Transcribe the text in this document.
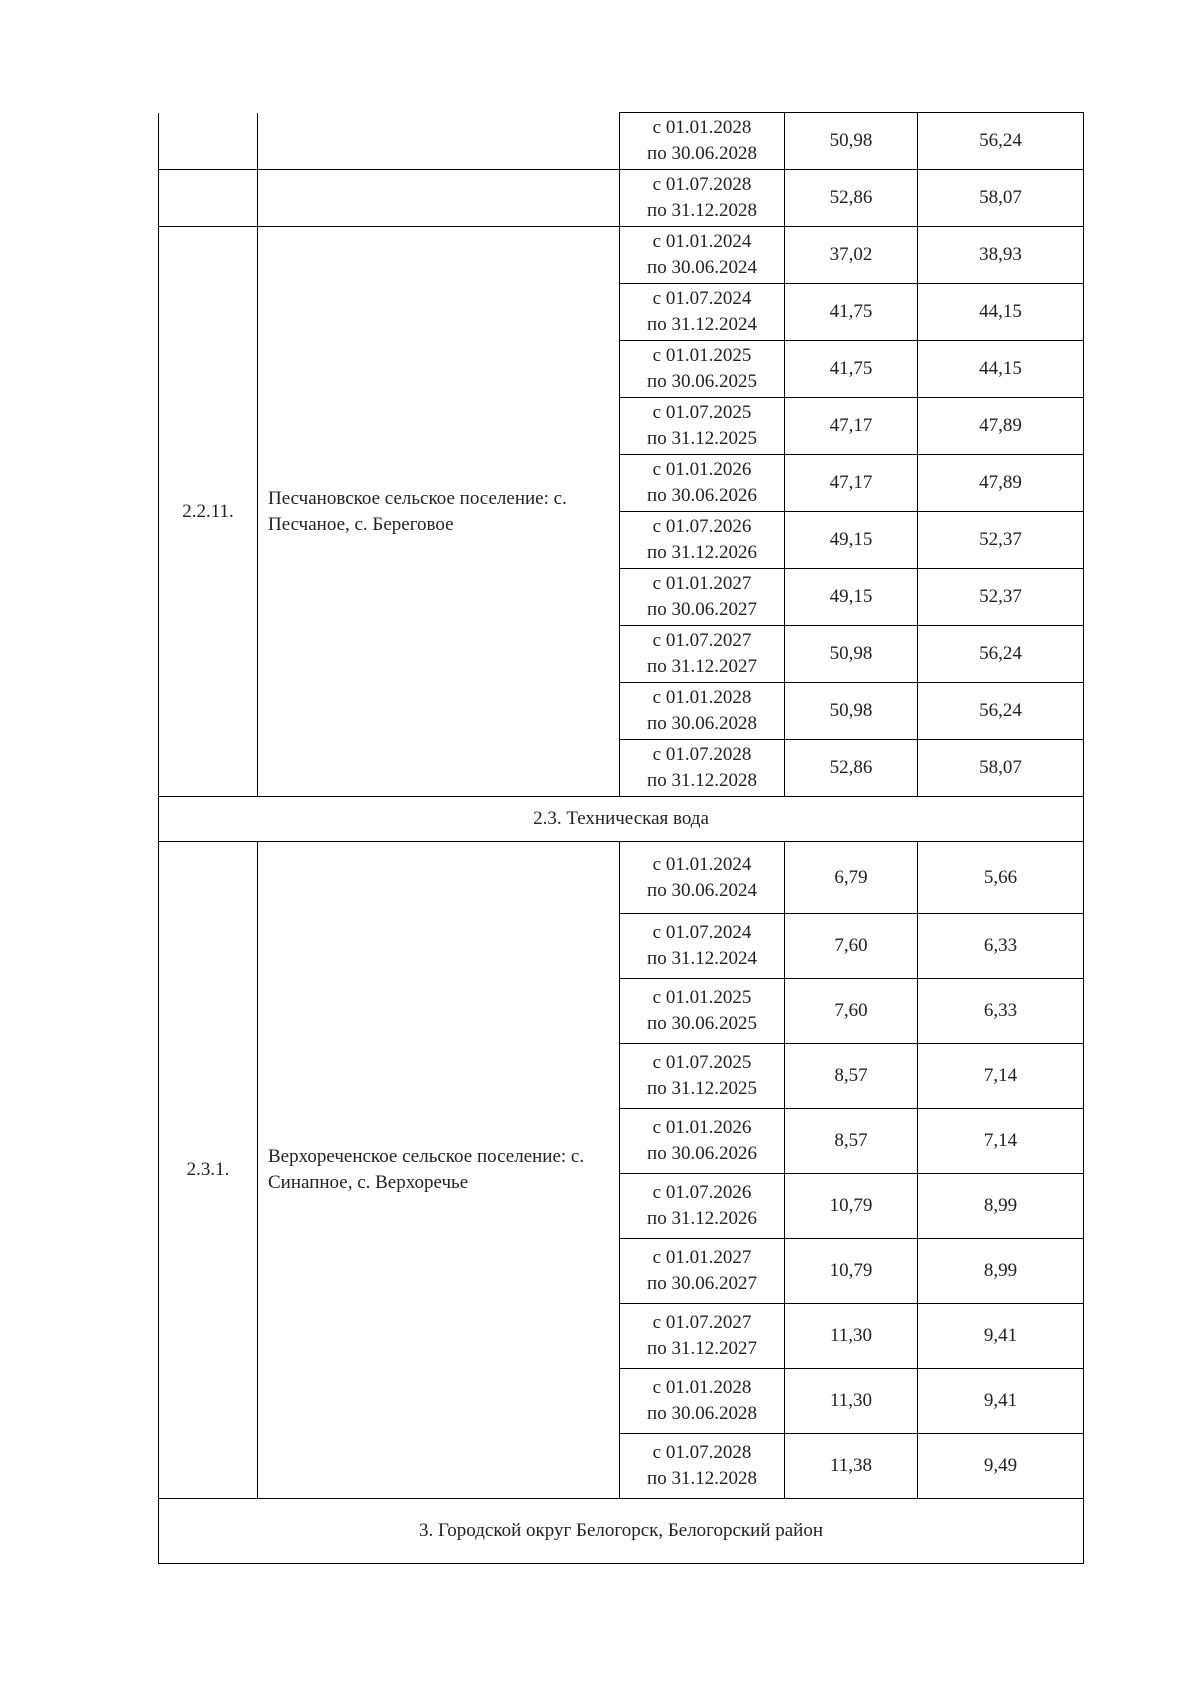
		с 01.01.2028
по 30.06.2028	50,98	56,24

		с 01.07.2028
по 31.12.2028	52,86	58,07
2.2.11.	Песчановское сельское поселение: с. Песчаное, с. Береговое	с 01.01.2024
по 30.06.2024	37,02	38,93

		с 01.07.2024
по 31.12.2024	41,75	44,15

		с 01.01.2025
по 30.06.2025	41,75	44,15

		с 01.07.2025
по 31.12.2025	47,17	47,89

		с 01.01.2026
по 30.06.2026	47,17	47,89

		с 01.07.2026
по 31.12.2026	49,15	52,37

		с 01.01.2027
по 30.06.2027	49,15	52,37

		с 01.07.2027
по 31.12.2027	50,98	56,24

		с 01.01.2028
по 30.06.2028	50,98	56,24

		с 01.07.2028
по 31.12.2028	52,86	58,07
2.3. Техническая вода				
2.3.1.	Верхореченское сельское поселение: с. Синапное, с. Верхоречье	с 01.01.2024
по 30.06.2024	6,79	5,66

		с 01.07.2024
по 31.12.2024	7,60	6,33

		с 01.01.2025
по 30.06.2025	7,60	6,33

		с 01.07.2025
по 31.12.2025	8,57	7,14

		с 01.01.2026
по 30.06.2026	8,57	7,14

		с 01.07.2026
по 31.12.2026	10,79	8,99

		с 01.01.2027
по 30.06.2027	10,79	8,99

		с 01.07.2027
по 31.12.2027	11,30	9,41

		с 01.01.2028
по 30.06.2028	11,30	9,41

		с 01.07.2028
по 31.12.2028	11,38	9,49
3. Городской округ Белогорск, Белогорский район				
